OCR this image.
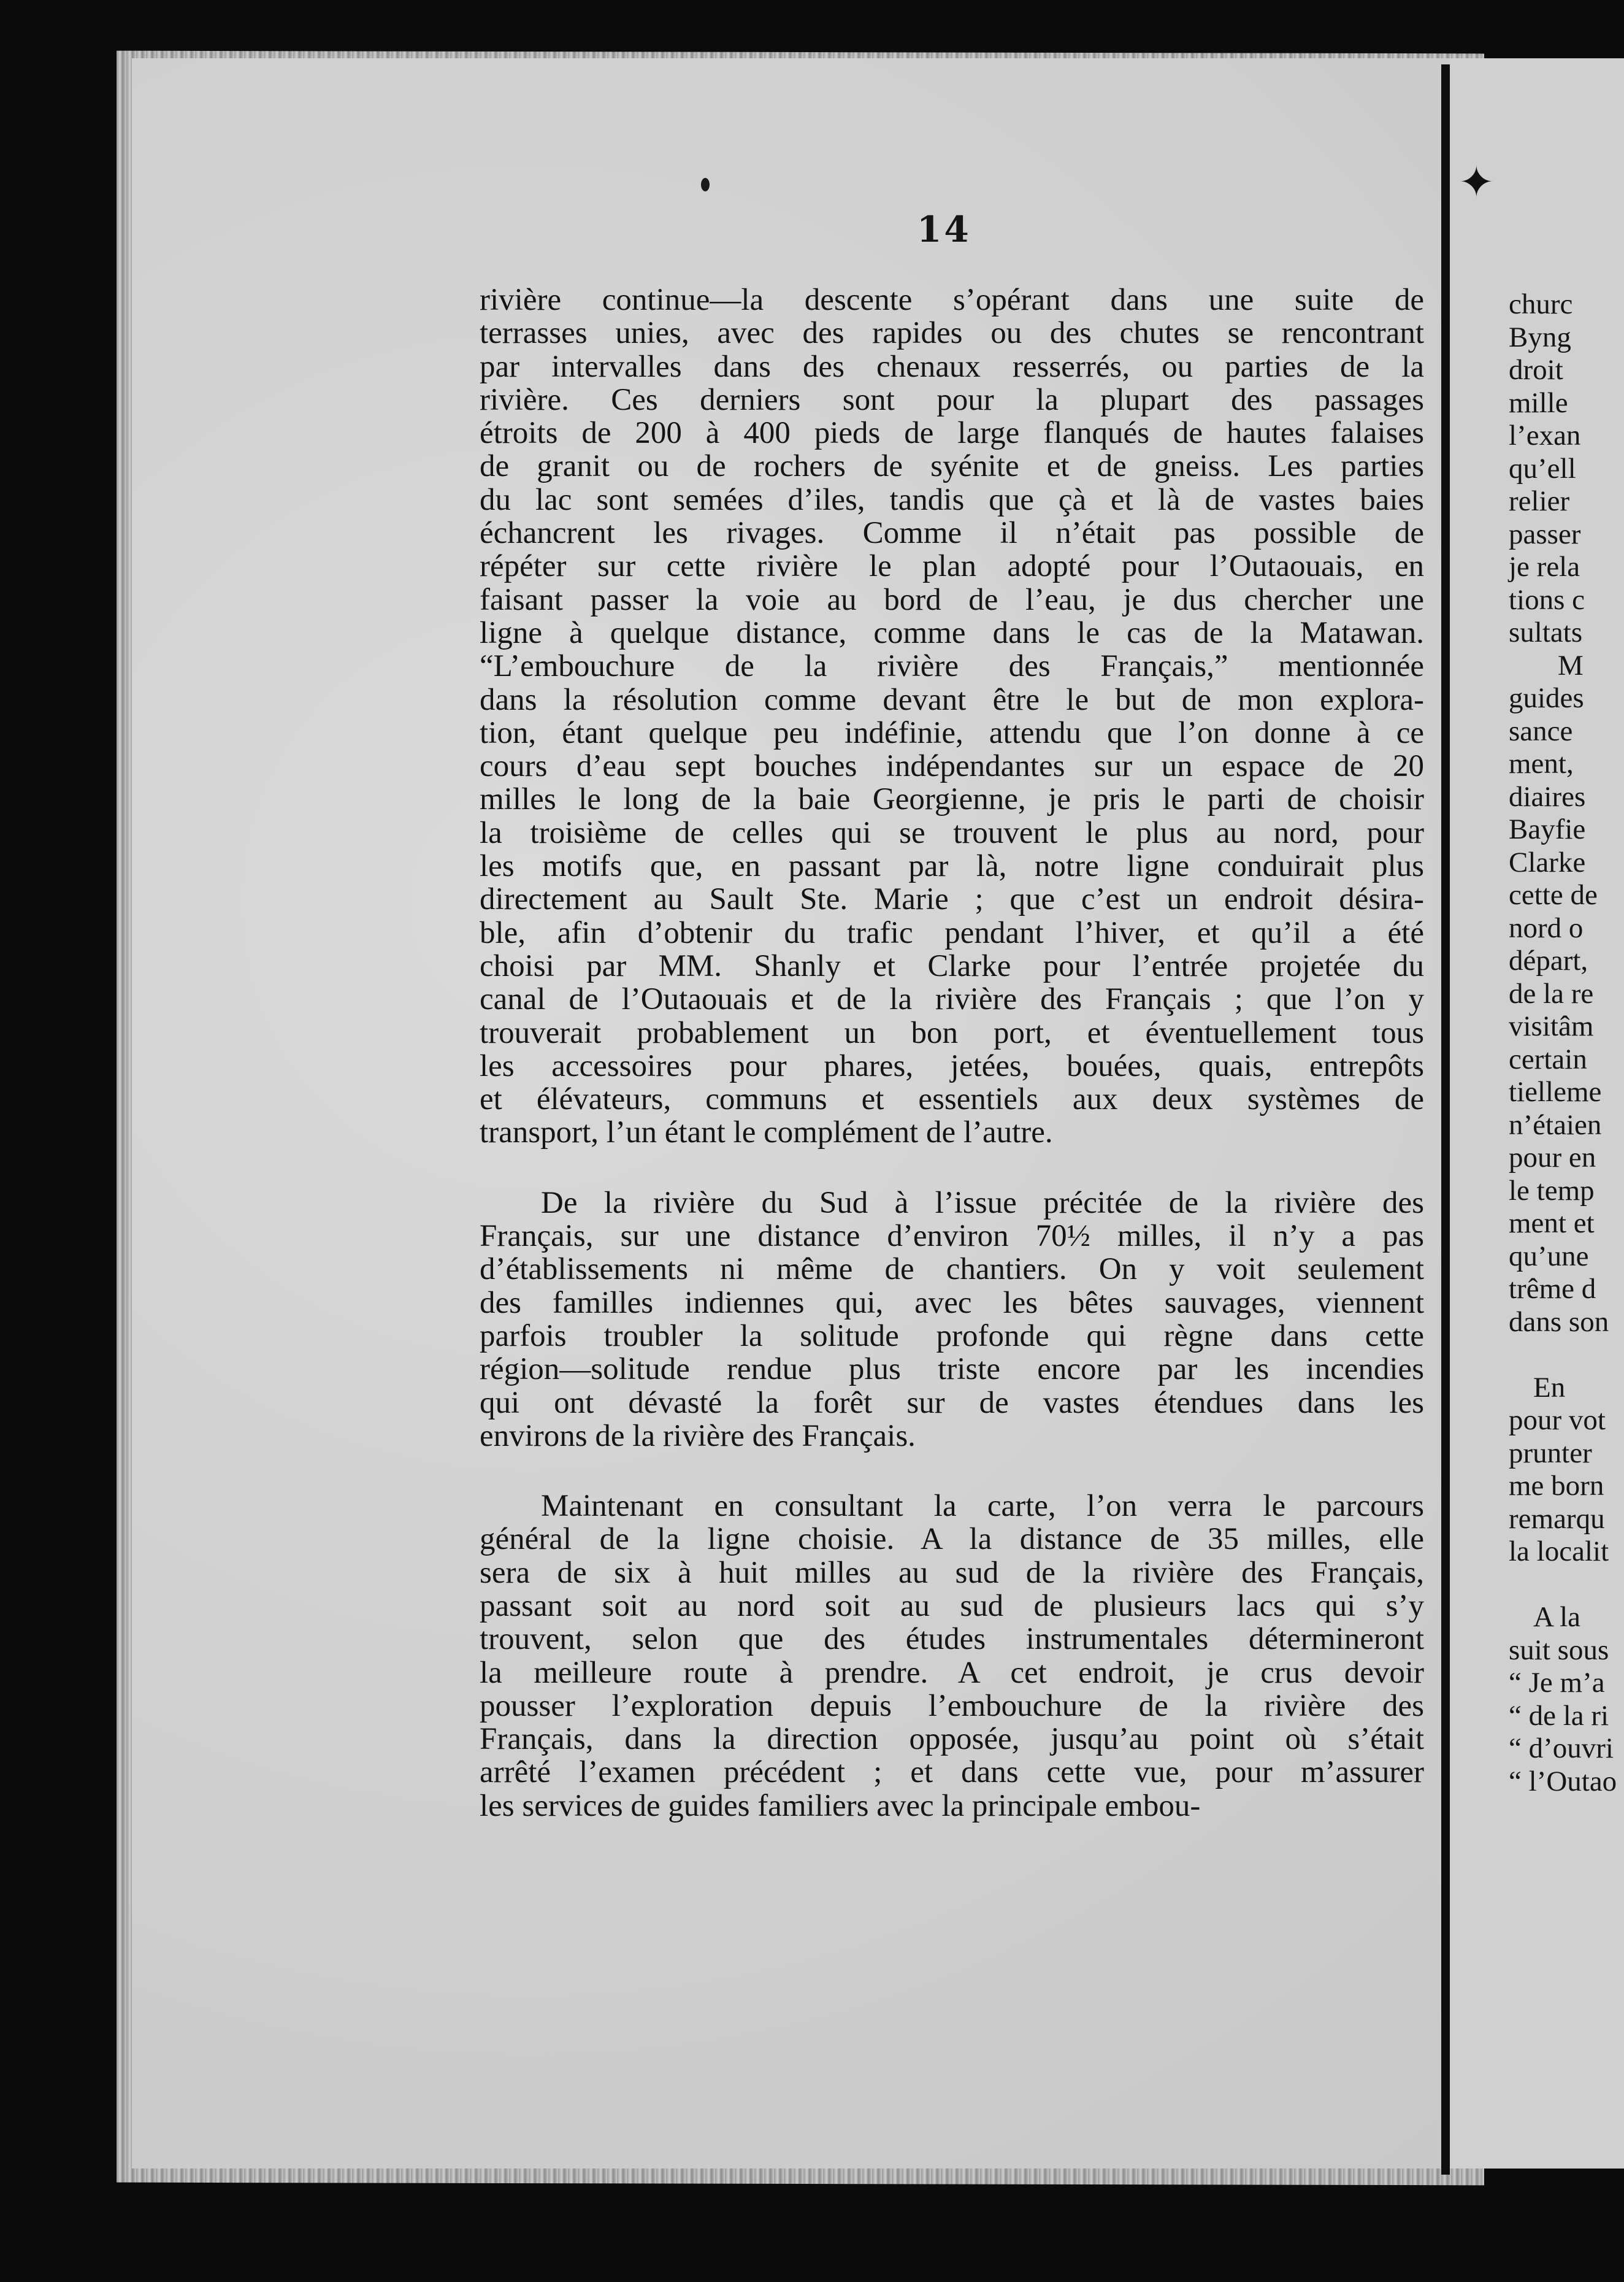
✦
14
rivière continue—la descente s’opérant dans une suite de
terrasses unies, avec des rapides ou des chutes se rencontrant
par intervalles dans des chenaux resserrés, ou parties de la
rivière. Ces derniers sont pour la plupart des passages
étroits de 200 à 400 pieds de large flanqués de hautes falaises
de granit ou de rochers de syénite et de gneiss. Les parties
du lac sont semées d’iles, tandis que çà et là de vastes baies
échancrent les rivages. Comme il n’était pas possible de
répéter sur cette rivière le plan adopté pour l’Outaouais, en
faisant passer la voie au bord de l’eau, je dus chercher une
ligne à quelque distance, comme dans le cas de la Matawan.
“L’embouchure de la rivière des Français,” mentionnée
dans la résolution comme devant être le but de mon explora-
tion, étant quelque peu indéfinie, attendu que l’on donne à ce
cours d’eau sept bouches indépendantes sur un espace de 20
milles le long de la baie Georgienne, je pris le parti de choisir
la troisième de celles qui se trouvent le plus au nord, pour
les motifs que, en passant par là, notre ligne conduirait plus
directement au Sault Ste. Marie ; que c’est un endroit désira-
ble, afin d’obtenir du trafic pendant l’hiver, et qu’il a été
choisi par MM. Shanly et Clarke pour l’entrée projetée du
canal de l’Outaouais et de la rivière des Français ; que l’on y
trouverait probablement un bon port, et éventuellement tous
les accessoires pour phares, jetées, bouées, quais, entrepôts
et élévateurs, communs et essentiels aux deux systèmes de
transport, l’un étant le complément de l’autre.
De la rivière du Sud à l’issue précitée de la rivière des
Français, sur une distance d’environ 70½ milles, il n’y a pas
d’établissements ni même de chantiers. On y voit seulement
des familles indiennes qui, avec les bêtes sauvages, viennent
parfois troubler la solitude profonde qui règne dans cette
région—solitude rendue plus triste encore par les incendies
qui ont dévasté la forêt sur de vastes étendues dans les
environs de la rivière des Français.
Maintenant en consultant la carte, l’on verra le parcours
général de la ligne choisie. A la distance de 35 milles, elle
sera de six à huit milles au sud de la rivière des Français,
passant soit au nord soit au sud de plusieurs lacs qui s’y
trouvent, selon que des études instrumentales détermineront
la meilleure route à prendre. A cet endroit, je crus devoir
pousser l’exploration depuis l’embouchure de la rivière des
Français, dans la direction opposée, jusqu’au point où s’était
arrêté l’examen précédent ; et dans cette vue, pour m’assurer
les services de guides familiers avec la principale embou-
churc
Byng
droit
mille
l’exan
qu’ell
relier
passer
je rela
tions c
sultats
M
guides
sance
ment,
diaires
Bayfie
Clarke
cette de
nord o
départ,
de la re
visitâm
certain
tielleme
n’étaien
pour en
le temp
ment et
qu’une
trême d
dans son
En
pour vot
prunter
me born
remarqu
la localit
A la
suit sous
“ Je m’a
“ de la ri
“ d’ouvri
“ l’Outao
